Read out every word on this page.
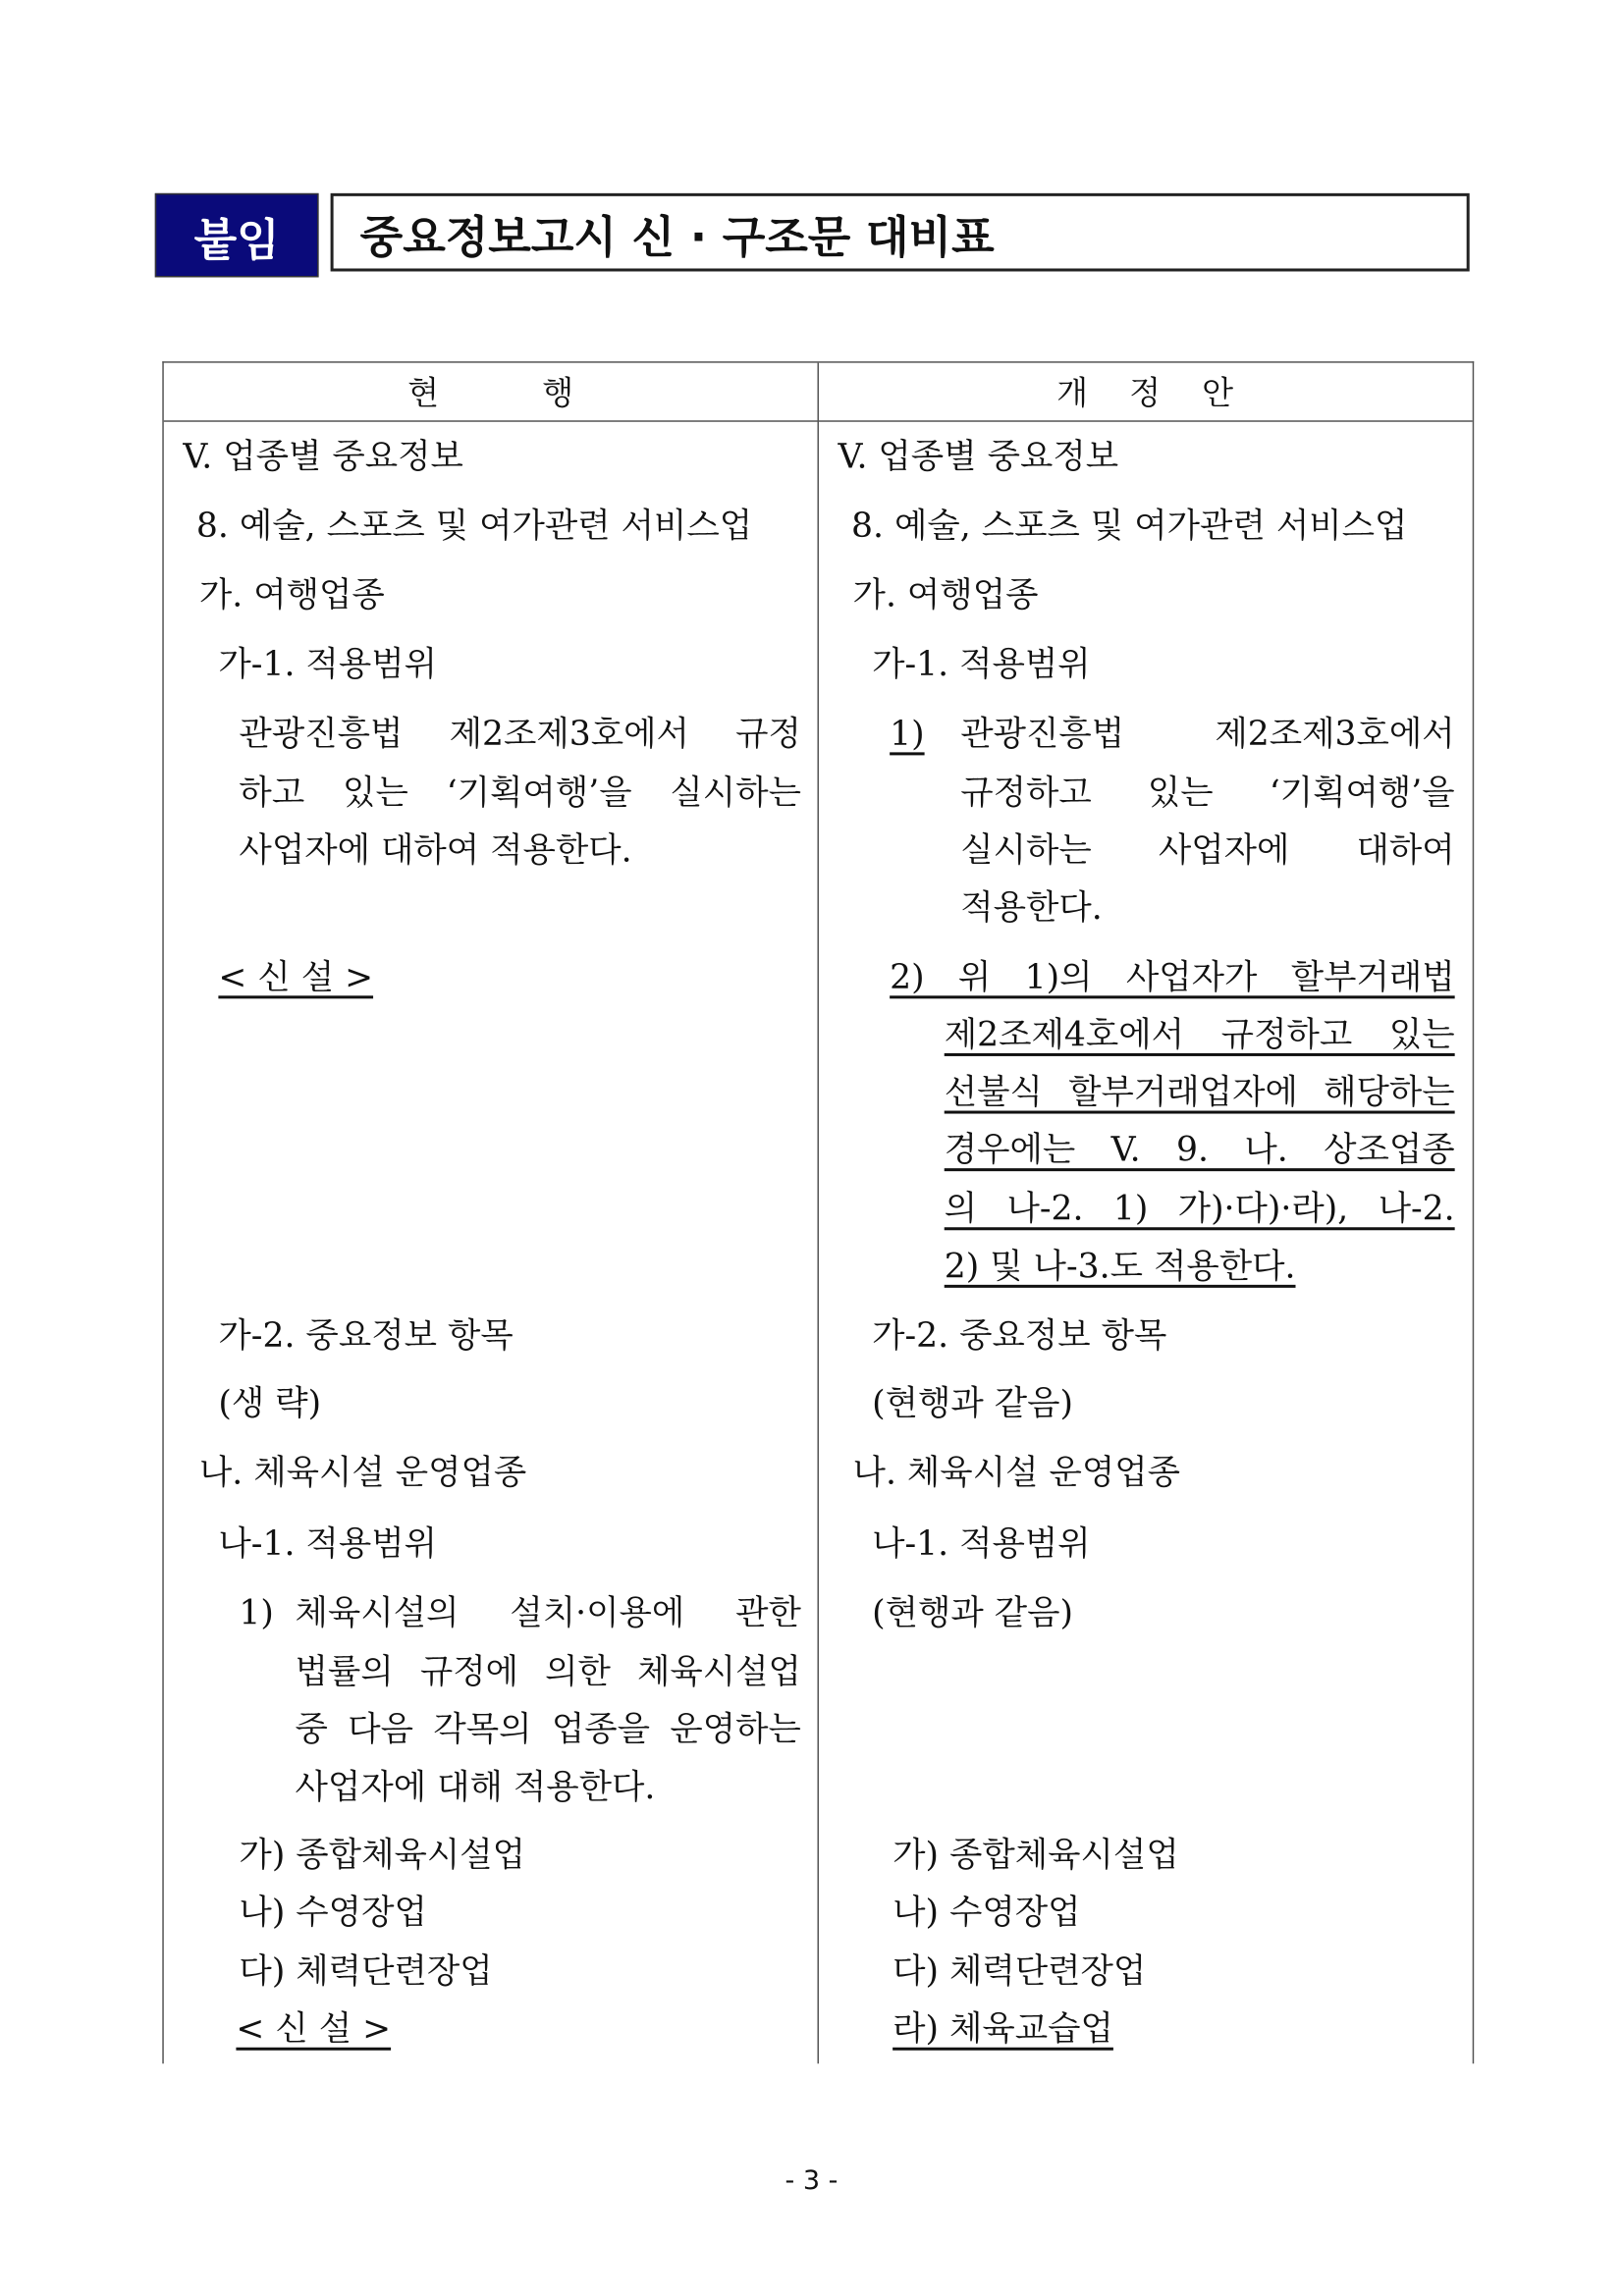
붙임	중요정보고시 신 · 구조문 대비표
현          행	개    정    안
V. 업종별 중요정보
8. 예술, 스포츠 및 여가관련 서비스업
가. 여행업종
가-1. 적용범위
관광진흥법 제2조제3호에서 규정
하고 있는 ‘기획여행’을 실시하는
사업자에 대하여 적용한다.
< 신 설 >
가-2. 중요정보 항목
(생 략)
나. 체육시설 운영업종
나-1. 적용범위
1) 체육시설의 설치·이용에 관한
법률의 규정에 의한 체육시설업
중 다음 각목의 업종을 운영하는
사업자에 대해 적용한다.
가) 종합체육시설업
나) 수영장업
다) 체력단련장업
< 신 설 >
V. 업종별 중요정보
8. 예술, 스포츠 및 여가관련 서비스업
가. 여행업종
가-1. 적용범위
1) 관광진흥법 제2조제3호에서
규정하고 있는 ‘기획여행’을
실시하는 사업자에 대하여
적용한다.
2) 위 1)의 사업자가 할부거래법
제2조제4호에서 규정하고 있는
선불식 할부거래업자에 해당하는
경우에는 V. 9. 나. 상조업종
의 나-2. 1) 가)·다)·라), 나-2.
2) 및 나-3.도 적용한다.
가-2. 중요정보 항목
(현행과 같음)
나. 체육시설 운영업종
나-1. 적용범위
(현행과 같음)
가) 종합체육시설업
나) 수영장업
다) 체력단련장업
라) 체육교습업
- 3 -
